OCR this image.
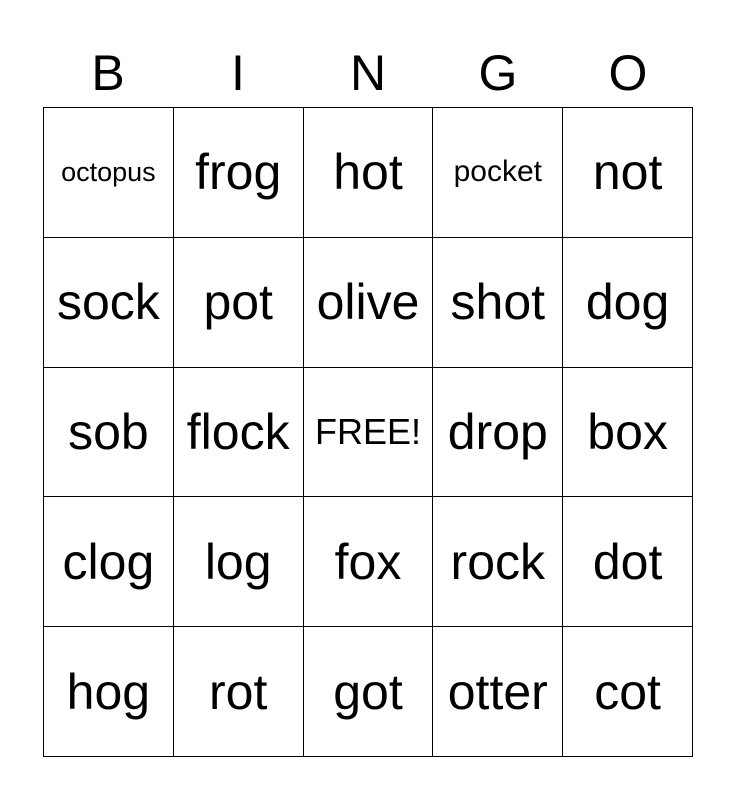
B	I	N	G	O
octopus frog hot pocket not
sock pot olive shot dog
sob flock FREE! drop box
clog log fox rock dot
hog rot got otter cot
